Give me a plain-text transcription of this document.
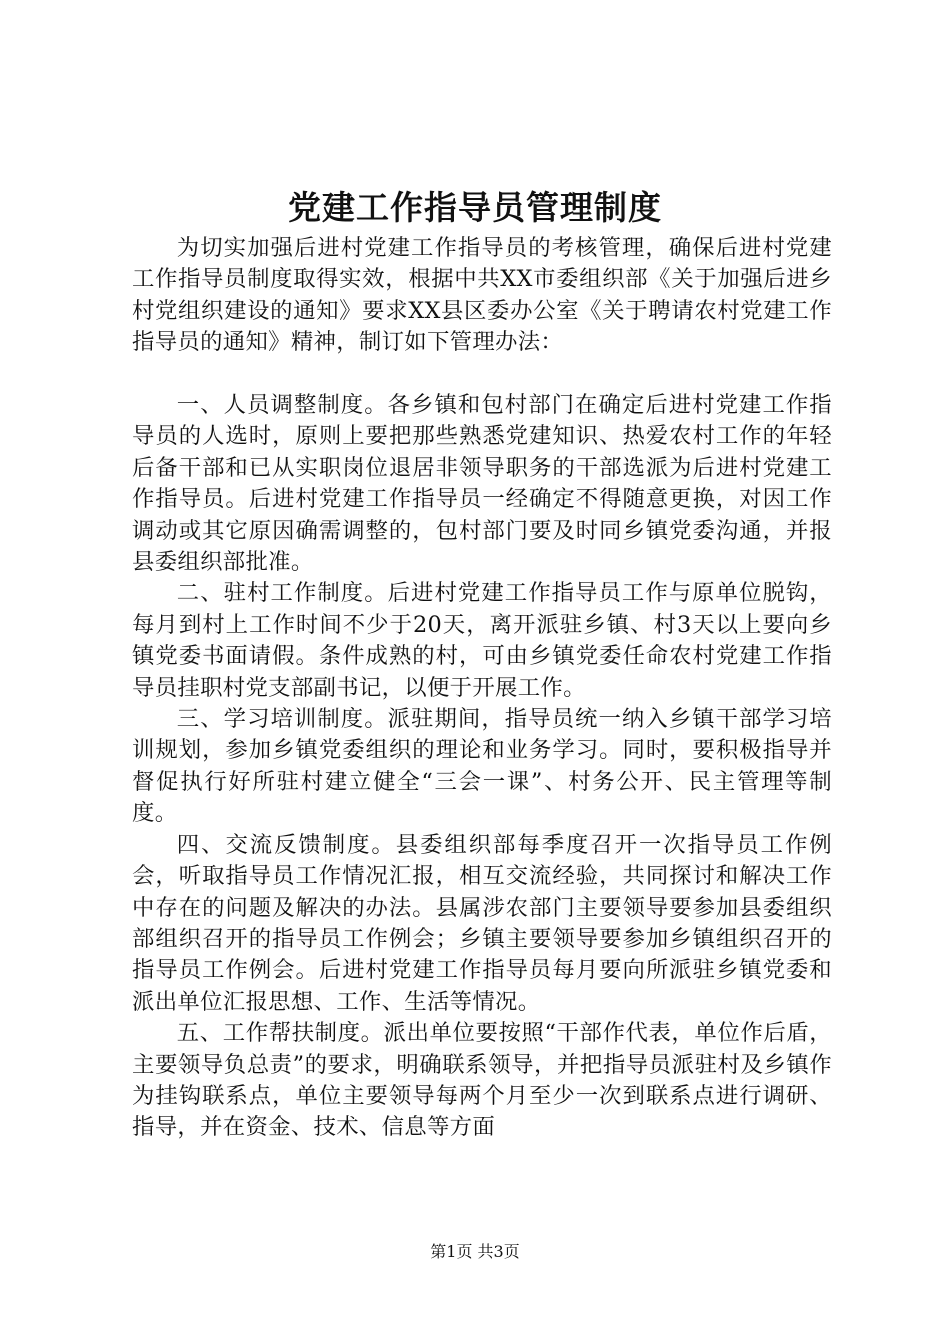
党建工作指导员管理制度

为切实加强后进村党建工作指导员的考核管理，确保后进村党建工作指导员制度取得实效，根据中共XX市委组织部《关于加强后进乡村党组织建设的通知》要求XX县区委办公室《关于聘请农村党建工作指导员的通知》精神，制订如下管理办法：

一、人员调整制度。各乡镇和包村部门在确定后进村党建工作指导员的人选时，原则上要把那些熟悉党建知识、热爱农村工作的年轻后备干部和已从实职岗位退居非领导职务的干部选派为后进村党建工作指导员。后进村党建工作指导员一经确定不得随意更换，对因工作调动或其它原因确需调整的，包村部门要及时同乡镇党委沟通，并报县委组织部批准。

二、驻村工作制度。后进村党建工作指导员工作与原单位脱钩，每月到村上工作时间不少于20天，离开派驻乡镇、村3天以上要向乡镇党委书面请假。条件成熟的村，可由乡镇党委任命农村党建工作指导员挂职村党支部副书记，以便于开展工作。

三、学习培训制度。派驻期间，指导员统一纳入乡镇干部学习培训规划，参加乡镇党委组织的理论和业务学习。同时，要积极指导并督促执行好所驻村建立健全“三会一课”、村务公开、民主管理等制度。

四、交流反馈制度。县委组织部每季度召开一次指导员工作例会，听取指导员工作情况汇报，相互交流经验，共同探讨和解决工作中存在的问题及解决的办法。县属涉农部门主要领导要参加县委组织部组织召开的指导员工作例会；乡镇主要领导要参加乡镇组织召开的指导员工作例会。后进村党建工作指导员每月要向所派驻乡镇党委和派出单位汇报思想、工作、生活等情况。

五、工作帮扶制度。派出单位要按照“干部作代表，单位作后盾，主要领导负总责”的要求，明确联系领导，并把指导员派驻村及乡镇作为挂钩联系点，单位主要领导每两个月至少一次到联系点进行调研、指导，并在资金、技术、信息等方面

第1页 共3页
